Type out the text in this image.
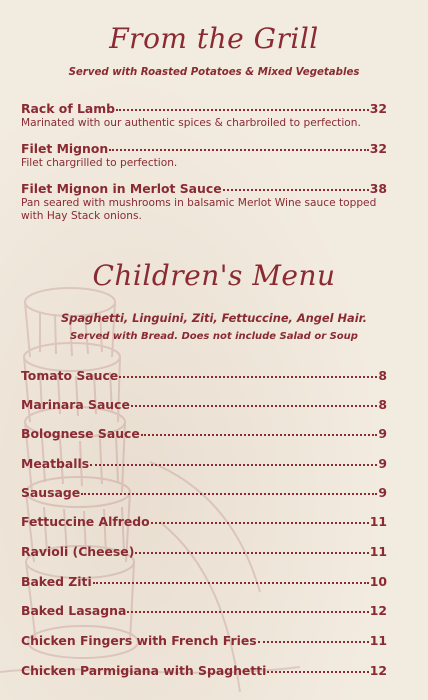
From the Grill
Served with Roasted Potatoes & Mixed Vegetables
Rack of Lamb	32
Marinated with our authentic spices & charbroiled to perfection.
Filet Mignon	32
Filet chargrilled to perfection.
Filet Mignon in Merlot Sauce	38
Pan seared with mushrooms in balsamic Merlot Wine sauce topped with Hay Stack onions.
Children's Menu
Spaghetti, Linguini, Ziti, Fettuccine, Angel Hair.
Served with Bread. Does not include Salad or Soup
Tomato Sauce	8
Marinara Sauce	8
Bolognese Sauce	9
Meatballs	9
Sausage	9
Fettuccine Alfredo	11
Ravioli (Cheese)	11
Baked Ziti	10
Baked Lasagna	12
Chicken Fingers with French Fries	11
Chicken Parmigiana with Spaghetti	12
